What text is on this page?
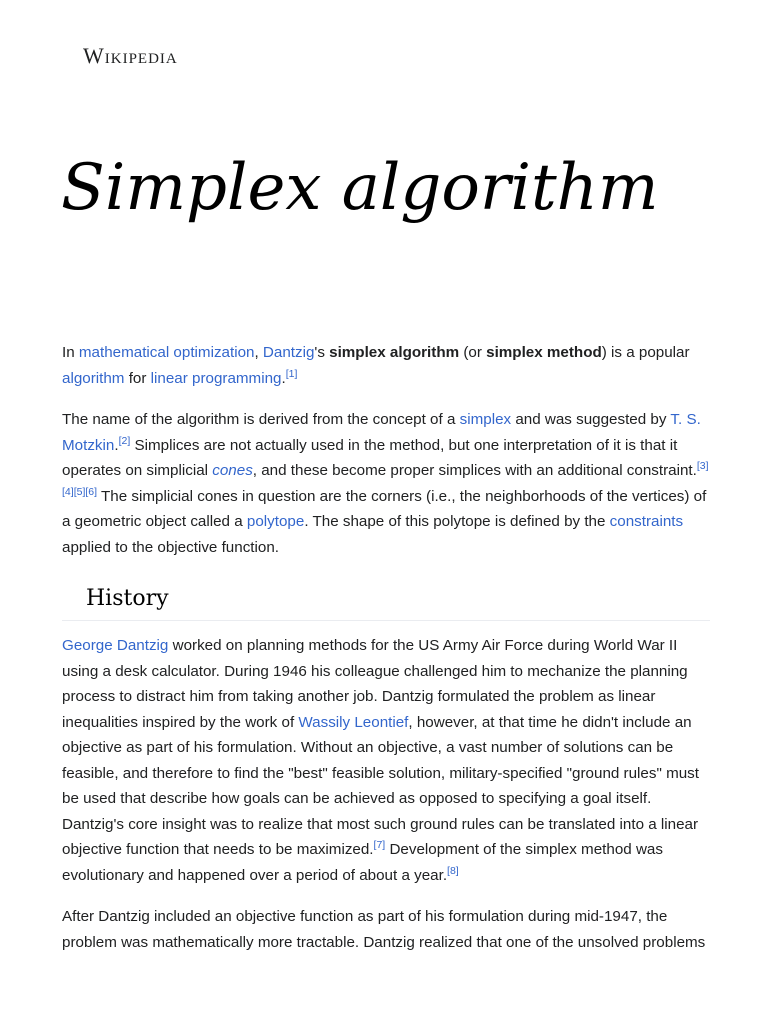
Wikipedia
Simplex algorithm

In mathematical optimization, Dantzig's simplex algorithm (or simplex method) is a popular algorithm for linear programming.[1]

The name of the algorithm is derived from the concept of a simplex and was suggested by T. S. Motzkin.[2] Simplices are not actually used in the method, but one interpretation of it is that it operates on simplicial cones, and these become proper simplices with an additional constraint.[3][4][5][6] The simplicial cones in question are the corners (i.e., the neighborhoods of the vertices) of a geometric object called a polytope. The shape of this polytope is defined by the constraints applied to the objective function.

History

George Dantzig worked on planning methods for the US Army Air Force during World War II using a desk calculator. During 1946 his colleague challenged him to mechanize the planning process to distract him from taking another job. Dantzig formulated the problem as linear inequalities inspired by the work of Wassily Leontief, however, at that time he didn't include an objective as part of his formulation. Without an objective, a vast number of solutions can be feasible, and therefore to find the "best" feasible solution, military-specified "ground rules" must be used that describe how goals can be achieved as opposed to specifying a goal itself. Dantzig's core insight was to realize that most such ground rules can be translated into a linear objective function that needs to be maximized.[7] Development of the simplex method was evolutionary and happened over a period of about a year.[8]

After Dantzig included an objective function as part of his formulation during mid-1947, the problem was mathematically more tractable. Dantzig realized that one of the unsolved problems
